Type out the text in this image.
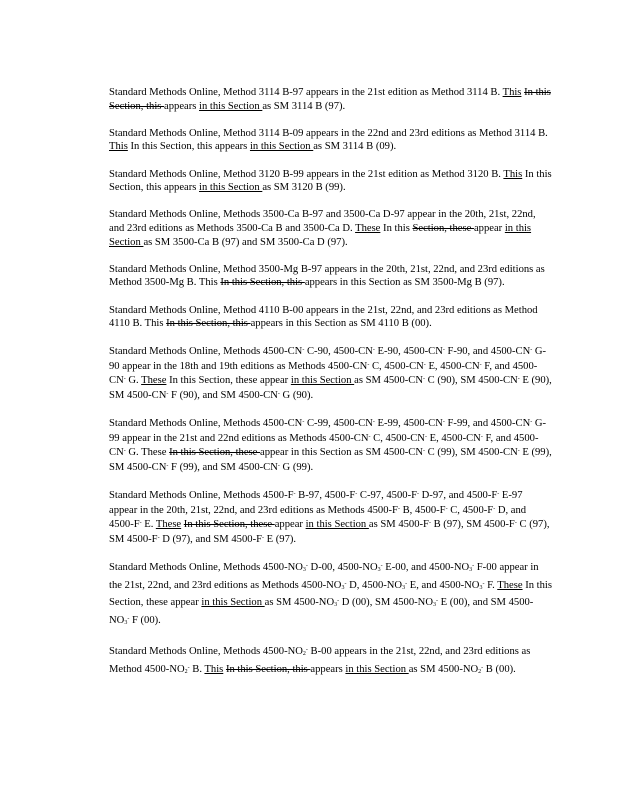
Standard Methods Online, Method 3114 B-97 appears in the 21st edition as Method 3114 B. This In this Section, this appears in this Section as SM 3114 B (97).

Standard Methods Online, Method 3114 B-09 appears in the 22nd and 23rd editions as Method 3114 B. This In this Section, this appears in this Section as SM 3114 B (09).

Standard Methods Online, Method 3120 B-99 appears in the 21st edition as Method 3120 B. This In this Section, this appears in this Section as SM 3120 B (99).

Standard Methods Online, Methods 3500-Ca B-97 and 3500-Ca D-97 appear in the 20th, 21st, 22nd, and 23rd editions as Methods 3500-Ca B and 3500-Ca D. These In this Section, these appear in this Section as SM 3500-Ca B (97) and SM 3500-Ca D (97).

Standard Methods Online, Method 3500-Mg B-97 appears in the 20th, 21st, 22nd, and 23rd editions as Method 3500-Mg B. This In this Section, this appears in this Section as SM 3500-Mg B (97).

Standard Methods Online, Method 4110 B-00 appears in the 21st, 22nd, and 23rd editions as Method 4110 B. This In this Section, this appears in this Section as SM 4110 B (00).

Standard Methods Online, Methods 4500-CN- C-90, 4500-CN- E-90, 4500-CN- F-90, and 4500-CN- G-90 appear in the 18th and 19th editions as Methods 4500-CN- C, 4500-CN- E, 4500-CN- F, and 4500-CN- G. These In this Section, these appear in this Section as SM 4500-CN- C (90), SM 4500-CN- E (90), SM 4500-CN- F (90), and SM 4500-CN- G (90).

Standard Methods Online, Methods 4500-CN- C-99, 4500-CN- E-99, 4500-CN- F-99, and 4500-CN- G-99 appear in the 21st and 22nd editions as Methods 4500-CN- C, 4500-CN- E, 4500-CN- F, and 4500-CN- G. These In this Section, these appear in this Section as SM 4500-CN- C (99), SM 4500-CN- E (99), SM 4500-CN- F (99), and SM 4500-CN- G (99).

Standard Methods Online, Methods 4500-F- B-97, 4500-F- C-97, 4500-F- D-97, and 4500-F- E-97 appear in the 20th, 21st, 22nd, and 23rd editions as Methods 4500-F- B, 4500-F- C, 4500-F- D, and 4500-F- E. These In this Section, these appear in this Section as SM 4500-F- B (97), SM 4500-F- C (97), SM 4500-F- D (97), and SM 4500-F- E (97).

Standard Methods Online, Methods 4500-NO3- D-00, 4500-NO3- E-00, and 4500-NO3- F-00 appear in the 21st, 22nd, and 23rd editions as Methods 4500-NO3- D, 4500-NO3- E, and 4500-NO3- F. These In this Section, these appear in this Section as SM 4500-NO3- D (00), SM 4500-NO3- E (00), and SM 4500-NO3- F (00).

Standard Methods Online, Methods 4500-NO2- B-00 appears in the 21st, 22nd, and 23rd editions as Method 4500-NO2- B. This In this Section, this appears in this Section as SM 4500-NO2- B (00).
